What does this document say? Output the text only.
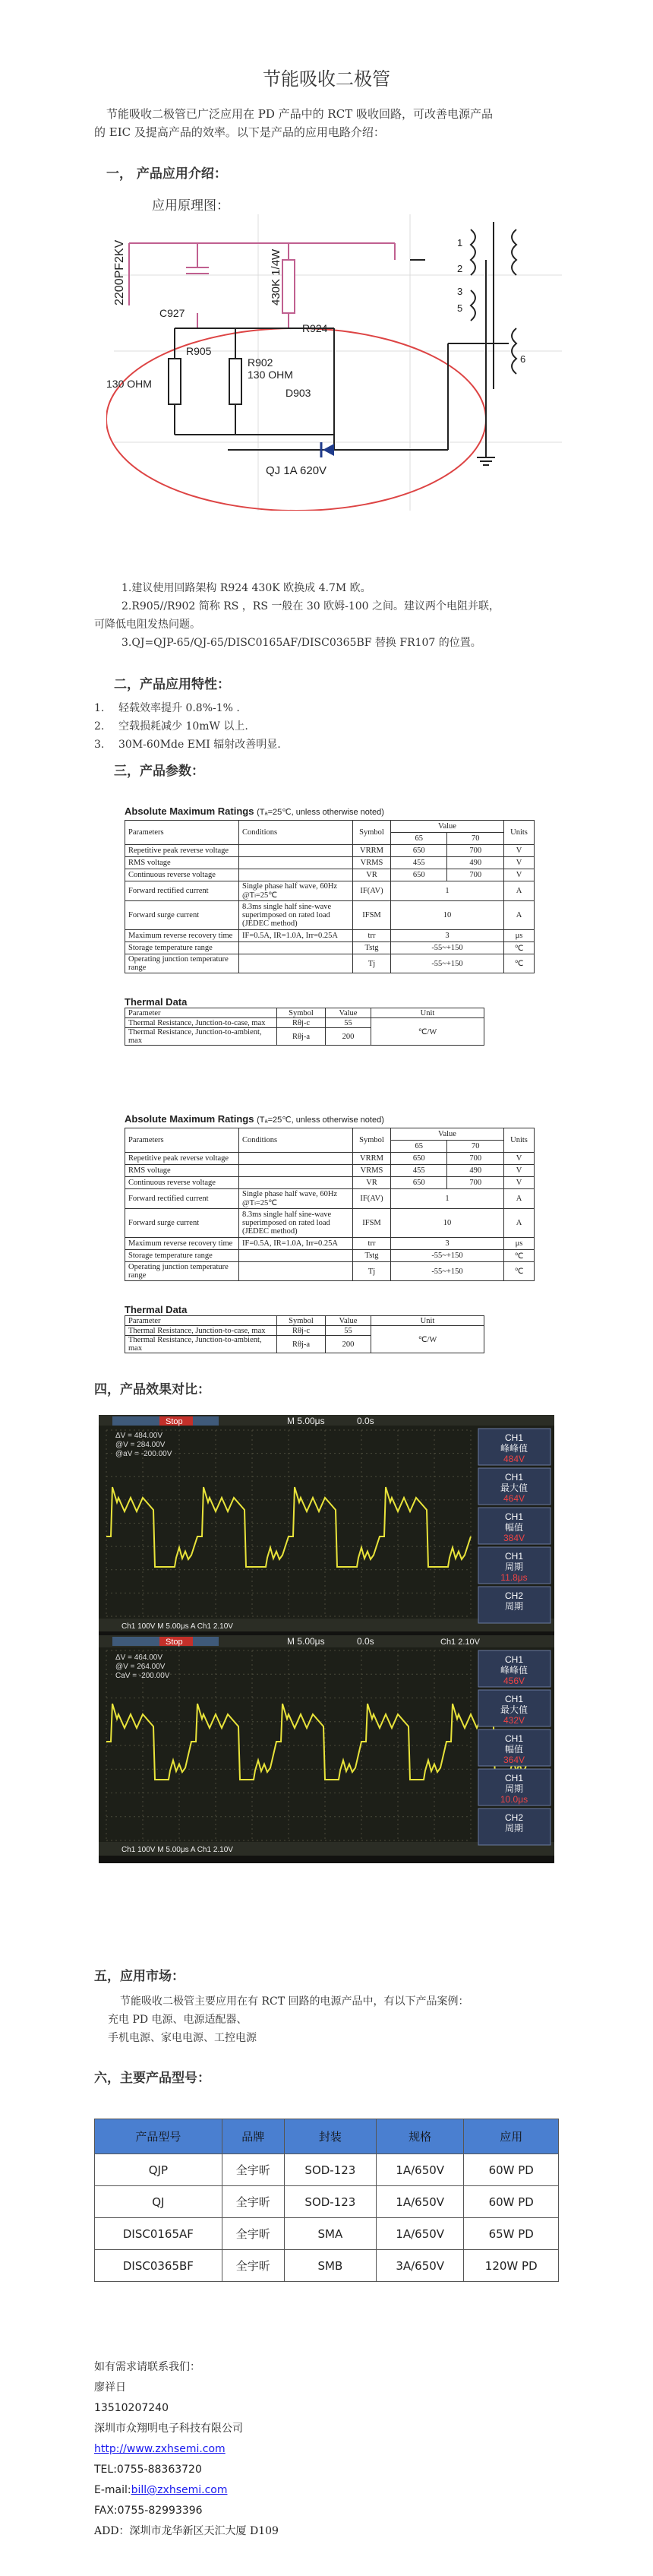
节能吸收二极管
节能吸收二极管已广泛应用在 PD 产品中的 RCT 吸收回路，可改善电源产品
的 EIC 及提高产品的效率。以下是产品的应用电路介绍：
一， 产品应用介绍：
应用原理图：
2200PF2KV
C927
430K 1/4W
R924
R905
R902
130 OHM
130 OHM
D903
QJ 1A 620V
1
2
3
5
6
1.建议使用回路架构 R924 430K 欧换成 4.7M 欧。
2.R905//R902 简称 RS ，RS 一般在 30 欧姆-100 之间。建议两个电阻并联，
可降低电阻发热问题。
3.QJ=QJP-65/QJ-65/DISC0165AF/DISC0365BF 替换 FR107 的位置。
二，产品应用特性：
1. 轻载效率提升 0.8%-1% .
2. 空载损耗减少 10mW 以上.
3. 30M-60Mde EMI 辐射改善明显.
三，产品参数：
Absolute Maximum Ratings (Tₐ=25℃, unless otherwise noted)
Parameters	Conditions	Symbol	Value		Units
			65	70	
Repetitive peak reverse voltage		VRRM	650	700	V
RMS voltage		VRMS	455	490	V
Continuous reverse voltage		VR	650	700	V
Forward rectified current	Single phase half wave, 60Hz @Tₗ=25℃	IF(AV)	1		A
Forward surge current	8.3ms single half sine-wave superimposed on rated load (JEDEC method)	IFSM	10		A
Maximum reverse recovery time	IF=0.5A, IR=1.0A, Irr=0.25A	trr	3		μs
Storage temperature range		Tstg	-55~+150		℃
Operating junction temperature range		Tj	-55~+150		℃
Thermal Data
Parameter	Symbol	Value	Unit
Thermal Resistance, Junction-to-case, max	Rθj-c	55	℃/W
Thermal Resistance, Junction-to-ambient, max	Rθj-a	200	
Absolute Maximum Ratings (Tₐ=25℃, unless otherwise noted)
Parameters	Conditions	Symbol	Value		Units
			65	70	
Repetitive peak reverse voltage		VRRM	650	700	V
RMS voltage		VRMS	455	490	V
Continuous reverse voltage		VR	650	700	V
Forward rectified current	Single phase half wave, 60Hz @Tₗ=25℃	IF(AV)	1		A
Forward surge current	8.3ms single half sine-wave superimposed on rated load (JEDEC method)	IFSM	10		A
Maximum reverse recovery time	IF=0.5A, IR=1.0A, Irr=0.25A	trr	3		μs
Storage temperature range		Tstg	-55~+150		℃
Operating junction temperature range		Tj	-55~+150		℃
Thermal Data
Parameter	Symbol	Value	Unit
Thermal Resistance, Junction-to-case, max	Rθj-c	55	℃/W
Thermal Resistance, Junction-to-ambient, max	Rθj-a	200	
四，产品效果对比：
Stop	M 5.00μs	0.0s
ΔV = 484.00V
@V = 284.00V
@aV = -200.00V
Ch1 100V M 5.00μs A Ch1 2.10V
CH1
峰峰值
484V
CH1
最大值
464V
CH1
幅值
384V
CH1
周期
11.8μs
CH2
周期
Stop	M 5.00μs	0.0s	Ch1 2.10V
ΔV = 464.00V
@V = 264.00V
CaV = -200.00V
Ch1 100V M 5.00μs A Ch1 2.10V
CH1
峰峰值
456V
CH1
最大值
432V
CH1
幅值
364V
CH1
周期
10.0μs
CH2
周期
五，应用市场：
节能吸收二极管主要应用在有 RCT 回路的电源产品中，有以下产品案例：
充电 PD 电源、电源适配器、
手机电源、家电电源、工控电源
六，主要产品型号：
产品型号	品牌	封装	规格	应用
QJP	全宇昕	SOD-123	1A/650V	60W PD
QJ	全宇昕	SOD-123	1A/650V	60W PD
DISC0165AF	全宇昕	SMA	1A/650V	65W PD
DISC0365BF	全宇昕	SMB	3A/650V	120W PD
如有需求请联系我们：
廖祥日
13510207240
深圳市众翔明电子科技有限公司
http://www.zxhsemi.com
TEL:0755-88363720
E-mail:bill@zxhsemi.com
FAX:0755-82993396
ADD：深圳市龙华新区天汇大厦 D109
